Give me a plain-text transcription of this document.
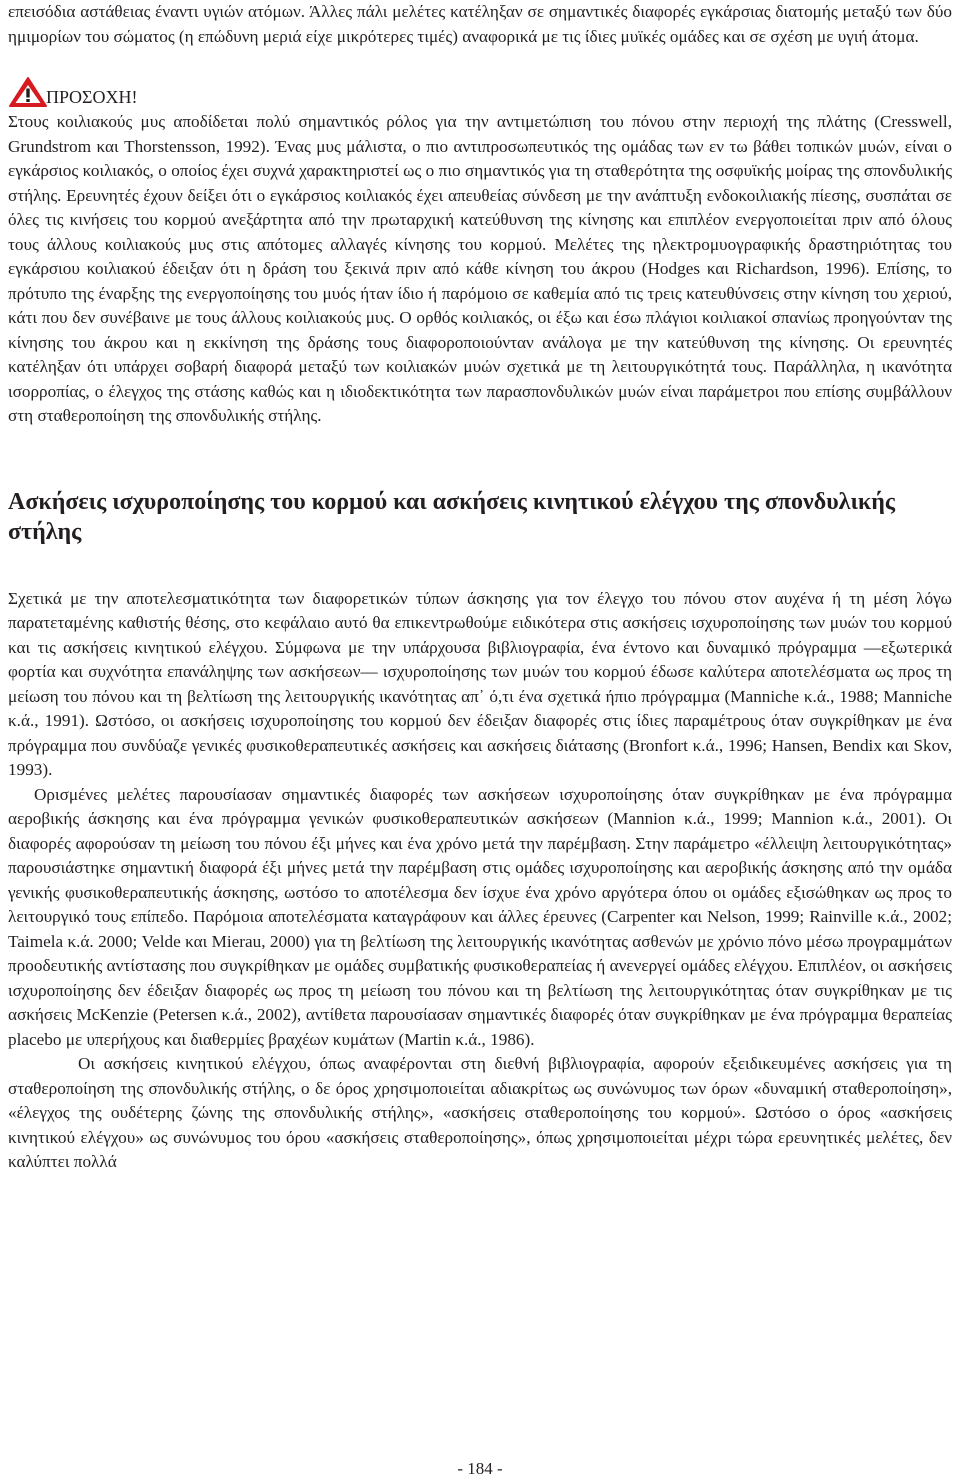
επεισόδια αστάθειας έναντι υγιών ατόμων. Άλλες πάλι μελέτες κατέληξαν σε σημαντικές διαφορές εγκάρσιας διατομής μεταξύ των δύο ημιμορίων του σώματος (η επώδυνη μεριά είχε μικρότερες τιμές) αναφορικά με τις ίδιες μυϊκές ομάδες και σε σχέση με υγιή άτομα.

ΠΡΟΣΟΧΗ!

Στους κοιλιακούς μυς αποδίδεται πολύ σημαντικός ρόλος για την αντιμετώπιση του πόνου στην περιοχή της πλάτης (Cresswell, Grundstrom και Thorstensson, 1992). Ένας μυς μάλιστα, ο πιο αντιπροσωπευτικός της ομάδας των εν τω βάθει τοπικών μυών, είναι ο εγκάρσιος κοιλιακός, ο οποίος έχει συχνά χαρακτηριστεί ως ο πιο σημαντικός για τη σταθερότητα της οσφυϊκής μοίρας της σπονδυλικής στήλης. Ερευνητές έχουν δείξει ότι ο εγκάρσιος κοιλιακός έχει απευθείας σύνδεση με την ανάπτυξη ενδοκοιλιακής πίεσης, συσπάται σε όλες τις κινήσεις του κορμού ανεξάρτητα από την πρωταρχική κατεύθυνση της κίνησης και επιπλέον ενεργοποιείται πριν από όλους τους άλλους κοιλιακούς μυς στις απότομες αλλαγές κίνησης του κορμού. Μελέτες της ηλεκτρομυογραφικής δραστηριότητας του εγκάρσιου κοιλιακού έδειξαν ότι η δράση του ξεκινά πριν από κάθε κίνηση του άκρου (Hodges και Richardson, 1996). Επίσης, το πρότυπο της έναρξης της ενεργοποίησης του μυός ήταν ίδιο ή παρόμοιο σε καθεμία από τις τρεις κατευθύνσεις στην κίνηση του χεριού, κάτι που δεν συνέβαινε με τους άλλους κοιλιακούς μυς. Ο ορθός κοιλιακός, οι έξω και έσω πλάγιοι κοιλιακοί σπανίως προηγούνταν της κίνησης του άκρου και η εκκίνηση της δράσης τους διαφοροποιούνταν ανάλογα με την κατεύθυνση της κίνησης. Οι ερευνητές κατέληξαν ότι υπάρχει σοβαρή διαφορά μεταξύ των κοιλιακών μυών σχετικά με τη λειτουργικότητά τους. Παράλληλα, η ικανότητα ισορροπίας, ο έλεγχος της στάσης καθώς και η ιδιοδεκτικότητα των παρασπονδυλικών μυών είναι παράμετροι που επίσης συμβάλλουν στη σταθεροποίηση της σπονδυλικής στήλης.

Ασκήσεις ισχυροποίησης του κορμού και ασκήσεις κινητικού ελέγχου της σπονδυλικής στήλης

Σχετικά με την αποτελεσματικότητα των διαφορετικών τύπων άσκησης για τον έλεγχο του πόνου στον αυχένα ή τη μέση λόγω παρατεταμένης καθιστής θέσης, στο κεφάλαιο αυτό θα επικεντρωθούμε ειδικότερα στις ασκήσεις ισχυροποίησης των μυών του κορμού και τις ασκήσεις κινητικού ελέγχου. Σύμφωνα με την υπάρχουσα βιβλιογραφία, ένα έντονο και δυναμικό πρόγραμμα —εξωτερικά φορτία και συχνότητα επανάληψης των ασκήσεων— ισχυροποίησης των μυών του κορμού έδωσε καλύτερα αποτελέσματα ως προς τη μείωση του πόνου και τη βελτίωση της λειτουργικής ικανότητας απ᾽ ό,τι ένα σχετικά ήπιο πρόγραμμα (Manniche κ.ά., 1988; Manniche κ.ά., 1991). Ωστόσο, οι ασκήσεις ισχυροποίησης του κορμού δεν έδειξαν διαφορές στις ίδιες παραμέτρους όταν συγκρίθηκαν με ένα πρόγραμμα που συνδύαζε γενικές φυσικοθεραπευτικές ασκήσεις και ασκήσεις διάτασης (Bronfort κ.ά., 1996; Hansen, Bendix και Skov, 1993).

Ορισμένες μελέτες παρουσίασαν σημαντικές διαφορές των ασκήσεων ισχυροποίησης όταν συγκρίθηκαν με ένα πρόγραμμα αεροβικής άσκησης και ένα πρόγραμμα γενικών φυσικοθεραπευτικών ασκήσεων (Mannion κ.ά., 1999; Mannion κ.ά., 2001). Οι διαφορές αφορούσαν τη μείωση του πόνου έξι μήνες και ένα χρόνο μετά την παρέμβαση. Στην παράμετρο «έλλειψη λειτουργικότητας» παρουσιάστηκε σημαντική διαφορά έξι μήνες μετά την παρέμβαση στις ομάδες ισχυροποίησης και αεροβικής άσκησης από την ομάδα γενικής φυσικοθεραπευτικής άσκησης, ωστόσο το αποτέλεσμα δεν ίσχυε ένα χρόνο αργότερα όπου οι ομάδες εξισώθηκαν ως προς το λειτουργικό τους επίπεδο. Παρόμοια αποτελέσματα καταγράφουν και άλλες έρευνες (Carpenter και Nelson, 1999; Rainville κ.ά., 2002; Taimela κ.ά. 2000; Velde και Mierau, 2000) για τη βελτίωση της λειτουργικής ικανότητας ασθενών με χρόνιο πόνο μέσω προγραμμάτων προοδευτικής αντίστασης που συγκρίθηκαν με ομάδες συμβατικής φυσικοθεραπείας ή ανενεργεί ομάδες ελέγχου. Επιπλέον, οι ασκήσεις ισχυροποίησης δεν έδειξαν διαφορές ως προς τη μείωση του πόνου και τη βελτίωση της λειτουργικότητας όταν συγκρίθηκαν με τις ασκήσεις McKenzie (Petersen κ.ά., 2002), αντίθετα παρουσίασαν σημαντικές διαφορές όταν συγκρίθηκαν με ένα πρόγραμμα θεραπείας placebo με υπερήχους και διαθερμίες βραχέων κυμάτων (Martin κ.ά., 1986).

Οι ασκήσεις κινητικού ελέγχου, όπως αναφέρονται στη διεθνή βιβλιογραφία, αφορούν εξειδικευμένες ασκήσεις για τη σταθεροποίηση της σπονδυλικής στήλης, ο δε όρος χρησιμοποιείται αδιακρίτως ως συνώνυμος των όρων «δυναμική σταθεροποίηση», «έλεγχος της ουδέτερης ζώνης της σπονδυλικής στήλης», «ασκήσεις σταθεροποίησης του κορμού». Ωστόσο ο όρος «ασκήσεις κινητικού ελέγχου» ως συνώνυμος του όρου «ασκήσεις σταθεροποίησης», όπως χρησιμοποιείται μέχρι τώρα ερευνητικές μελέτες, δεν καλύπτει πολλά

- 184 -
